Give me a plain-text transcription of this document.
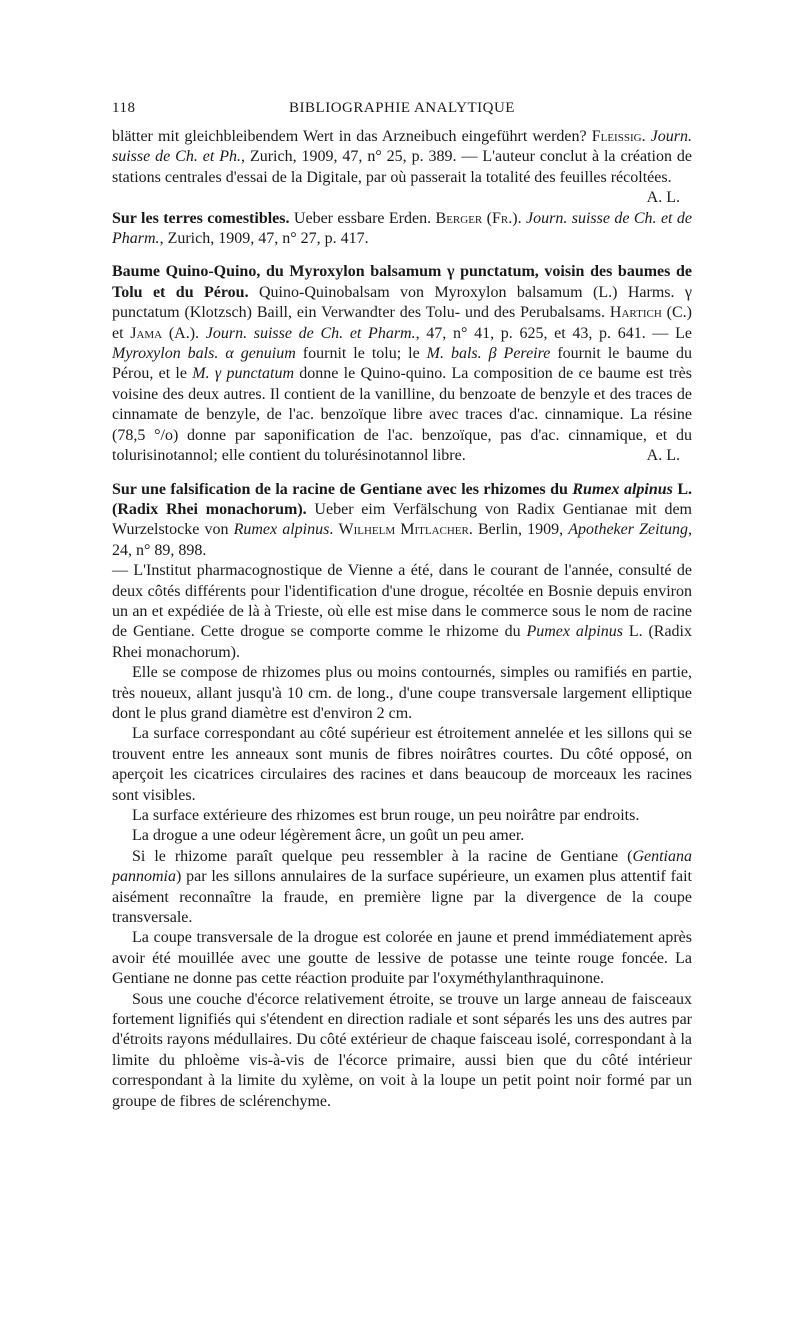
118	BIBLIOGRAPHIE ANALYTIQUE

blätter mit gleichbleibendem Wert in das Arzneibuch eingeführt werden? Fleissig. Journ. suisse de Ch. et Ph., Zurich, 1909, 47, n° 25, p. 389. — L'auteur conclut à la création de stations centrales d'essai de la Digitale, par où passerait la totalité des feuilles récoltées.
A. L.

Sur les terres comestibles. Ueber essbare Erden. Berger (Fr.). Journ. suisse de Ch. et de Pharm., Zurich, 1909, 47, n° 27, p. 417.

Baume Quino-Quino, du Myroxylon balsamum γ punctatum, voisin des baumes de Tolu et du Pérou. Quino-Quinobalsam von Myroxylon balsamum (L.) Harms. γ punctatum (Klotzsch) Baill, ein Verwandter des Tolu- und des Perubalsams. Hartich (C.) et Jama (A.). Journ. suisse de Ch. et Pharm., 47, n° 41, p. 625, et 43, p. 641. — Le Myroxylon bals. α genuium fournit le tolu; le M. bals. β Pereire fournit le baume du Pérou, et le M. γ punctatum donne le Quino-quino. La composition de ce baume est très voisine des deux autres. Il contient de la vanilline, du benzoate de benzyle et des traces de cinnamate de benzyle, de l'ac. benzoïque libre avec traces d'ac. cinnamique. La résine (78,5 °/o) donne par saponification de l'ac. benzoïque, pas d'ac. cinnamique, et du tolurisinotannol; elle contient du tolurésinotannol libre.	A. L.

Sur une falsification de la racine de Gentiane avec les rhizomes du Rumex alpinus L. (Radix Rhei monachorum). Ueber eim Verfälschung von Radix Gentianae mit dem Wurzelstocke von Rumex alpinus. Wilhelm Mitlacher. Berlin, 1909, Apotheker Zeitung, 24, n° 89, 898.

— L'Institut pharmacognostique de Vienne a été, dans le courant de l'année, consulté de deux côtés différents pour l'identification d'une drogue, récoltée en Bosnie depuis environ un an et expédiée de là à Trieste, où elle est mise dans le commerce sous le nom de racine de Gentiane. Cette drogue se comporte comme le rhizome du Pumex alpinus L. (Radix Rhei monachorum).

Elle se compose de rhizomes plus ou moins contournés, simples ou ramifiés en partie, très noueux, allant jusqu'à 10 cm. de long., d'une coupe transversale largement elliptique dont le plus grand diamètre est d'environ 2 cm.

La surface correspondant au côté supérieur est étroitement annelée et les sillons qui se trouvent entre les anneaux sont munis de fibres noirâtres courtes. Du côté opposé, on aperçoit les cicatrices circulaires des racines et dans beaucoup de morceaux les racines sont visibles.

La surface extérieure des rhizomes est brun rouge, un peu noirâtre par endroits.

La drogue a une odeur légèrement âcre, un goût un peu amer.

Si le rhizome paraît quelque peu ressembler à la racine de Gentiane (Gentiana pannomia) par les sillons annulaires de la surface supérieure, un examen plus attentif fait aisément reconnaître la fraude, en première ligne par la divergence de la coupe transversale.

La coupe transversale de la drogue est colorée en jaune et prend immédiatement après avoir été mouillée avec une goutte de lessive de potasse une teinte rouge foncée. La Gentiane ne donne pas cette réaction produite par l'oxyméthylanthraquinone.

Sous une couche d'écorce relativement étroite, se trouve un large anneau de faisceaux fortement lignifiés qui s'étendent en direction radiale et sont séparés les uns des autres par d'étroits rayons médullaires. Du côté extérieur de chaque faisceau isolé, correspondant à la limite du phloème vis-à-vis de l'écorce primaire, aussi bien que du côté intérieur correspondant à la limite du xylème, on voit à la loupe un petit point noir formé par un groupe de fibres de sclérenchyme.
